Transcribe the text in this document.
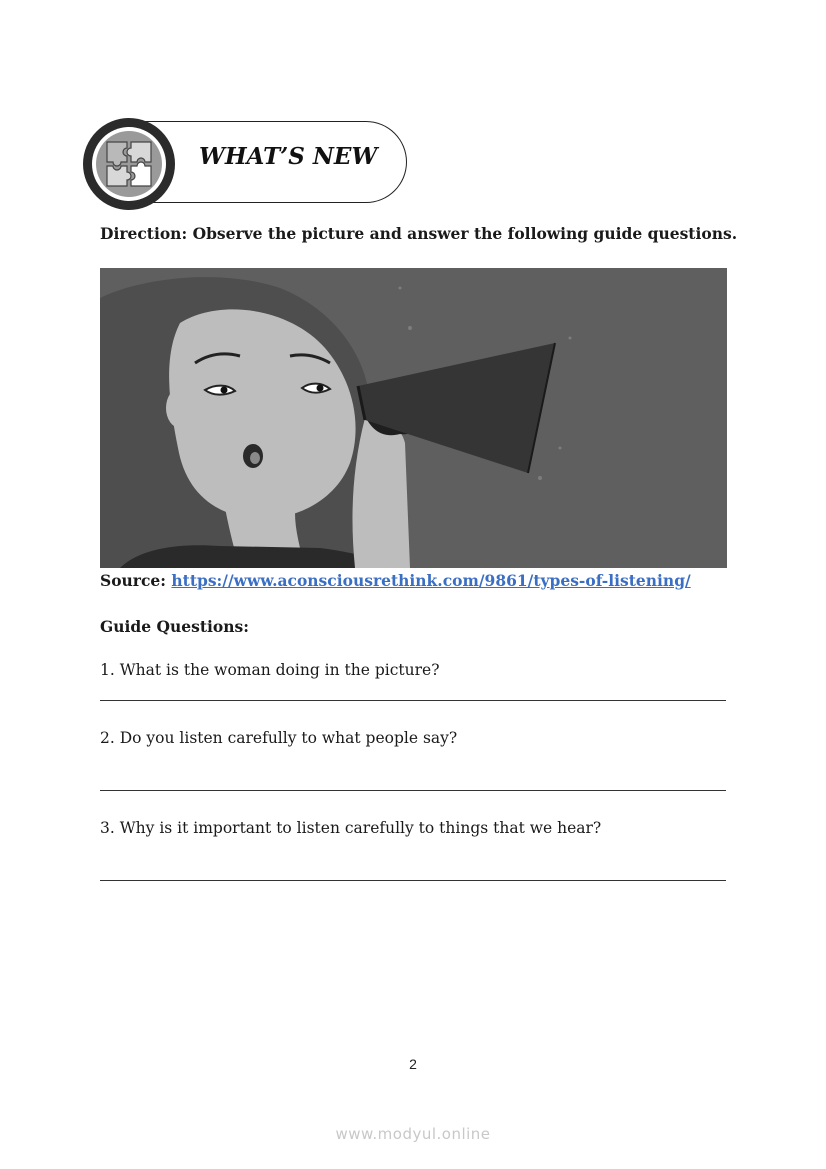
WHAT’S NEW
Direction: Observe the picture and answer the following guide questions.
Source: https://www.aconsciousrethink.com/9861/types-of-listening/
Guide Questions:
1. What is the woman doing in the picture?
2. Do you listen carefully to what people say?
3. Why is it important to listen carefully to things that we hear?
2
www.modyul.online
